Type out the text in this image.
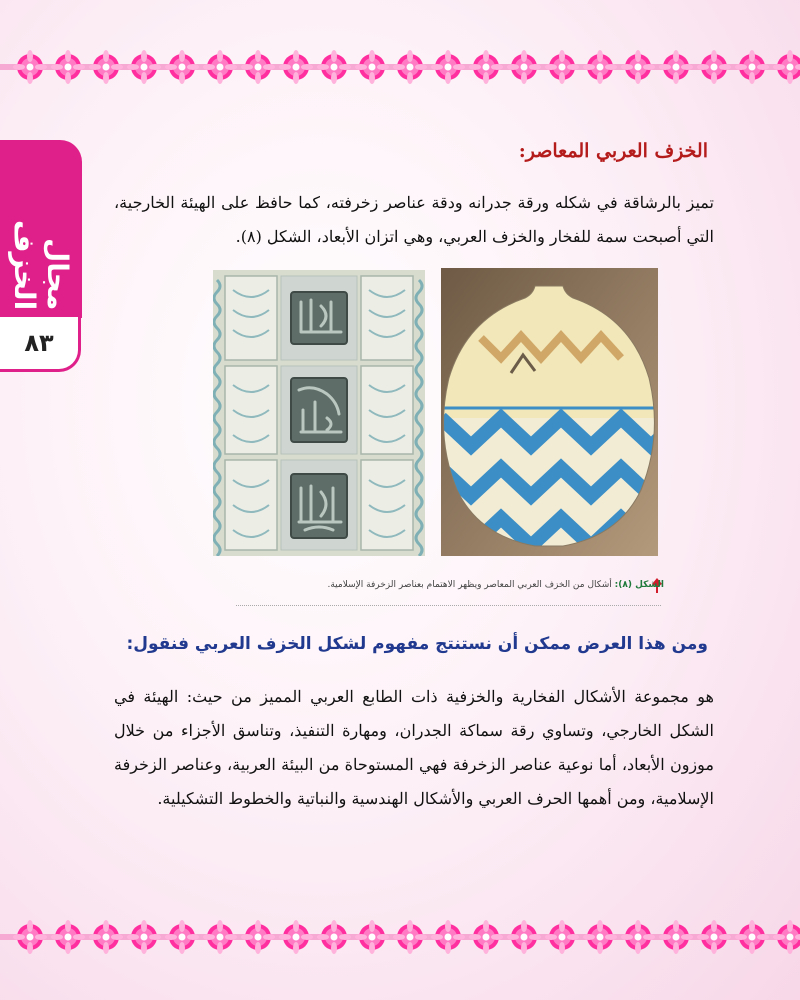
مجال الخزف
٨٣
الخزف العربي المعاصر:
تميز بالرشاقة في شكله ورقة جدرانه ودقة عناصر زخرفته، كما حافظ على الهيئة الخارجية، التي أصبحت سمة للفخار والخزف العربي، وهي اتزان الأبعاد، الشكل (٨).
الشكل (٨): أشكال من الخزف العربي المعاصر ويظهر الاهتمام بعناصر الزخرفة الإسلامية.
ومن هذا العرض ممكن أن نستنتج مفهوم لشكل الخزف العربي فنقول:
هو مجموعة الأشكال الفخارية والخزفية ذات الطابع العربي المميز من حيث: الهيئة في الشكل الخارجي، وتساوي رقة سماكة الجدران، ومهارة التنفيذ، وتناسق الأجزاء من خلال موزون الأبعاد، أما نوعية عناصر الزخرفة فهي المستوحاة من البيئة العربية، وعناصر الزخرفة الإسلامية، ومن أهمها الحرف العربي والأشكال الهندسية والنباتية والخطوط التشكيلية.
